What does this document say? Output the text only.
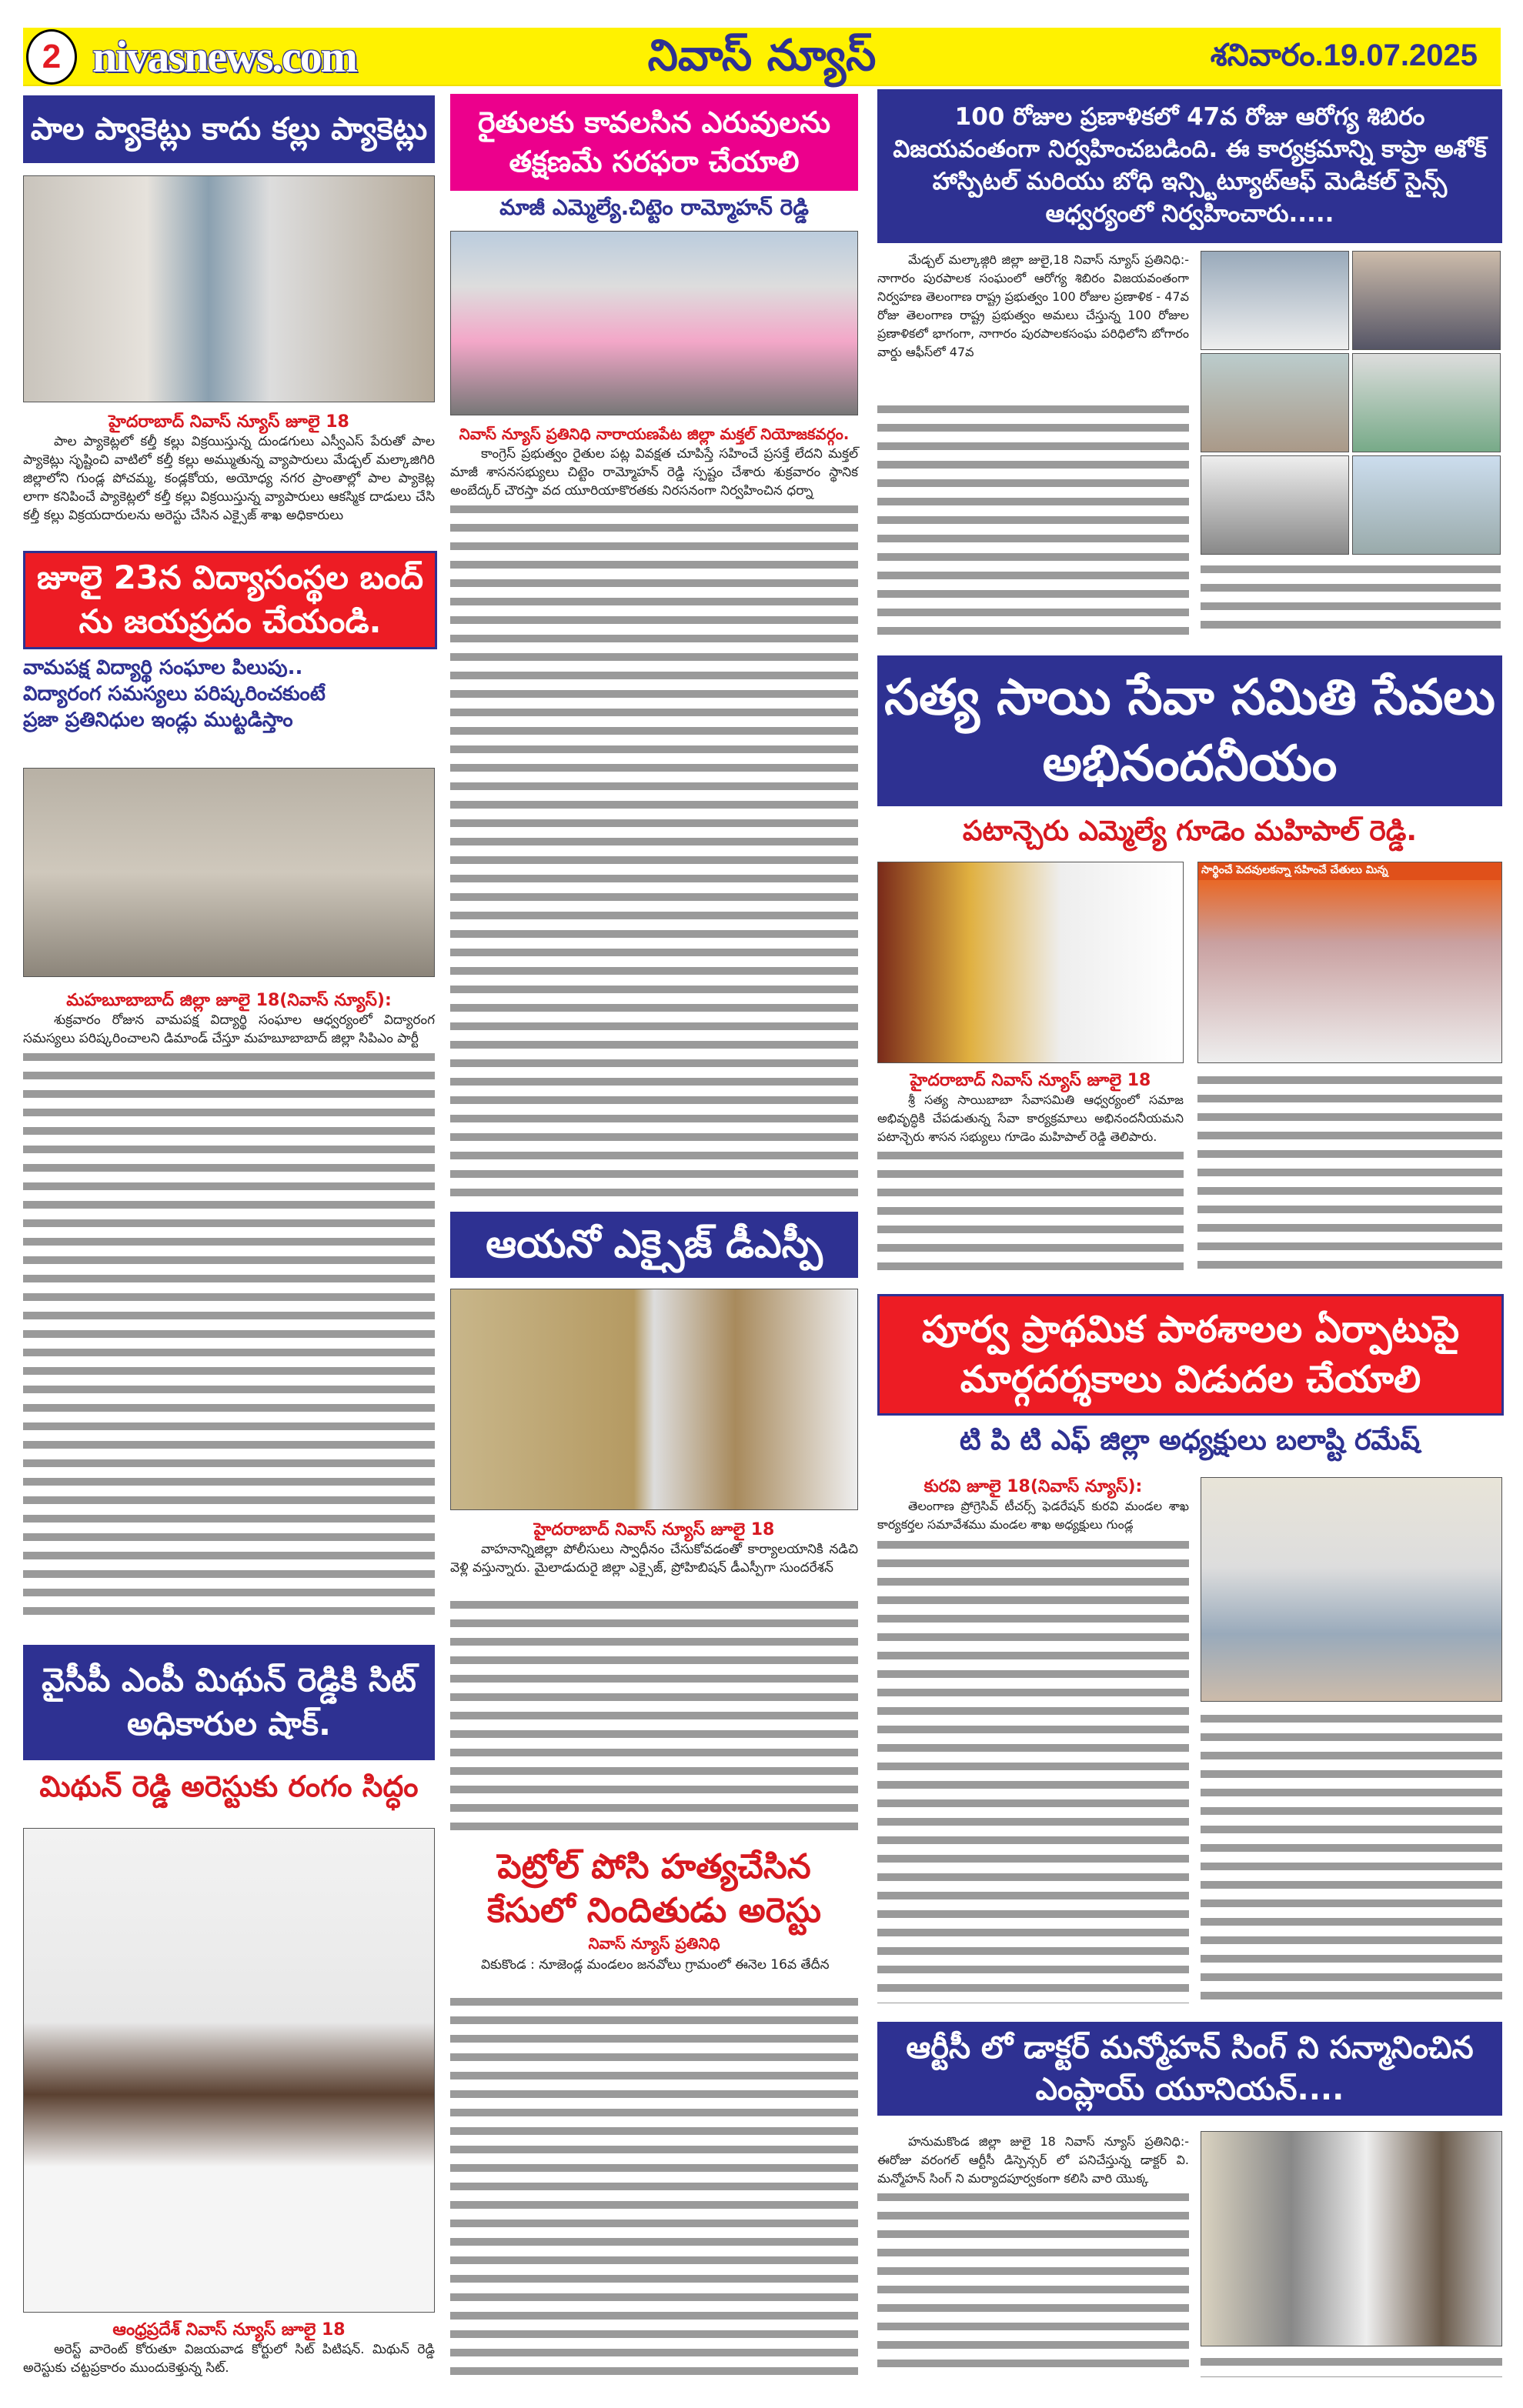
2 nivasnews.com	నివాస్ న్యూస్	శనివారం.19.07.2025
పాల ప్యాకెట్లు కాదు కల్లు ప్యాకెట్లు
హైదరాబాద్ నివాస్ న్యూస్ జూలై 18
పాల ప్యాకెట్లలో కల్తీ కల్లు విక్రయిస్తున్న దుండగులు ఎస్వీఎస్ పేరుతో పాల ప్యాకెట్లు సృష్టించి వాటిలో కల్తీ కల్లు అమ్ముతున్న వ్యాపారులు మేడ్చల్ మల్కాజిగిరి జిల్లాలోని గుండ్ల పోచమ్మ, కండ్లకోయ, అయోధ్య నగర ప్రాంతాల్లో పాల ప్యాకెట్ల లాగా కనిపించే ప్యాకెట్లలో కల్తీ కల్లు విక్రయిస్తున్న వ్యాపారులు ఆకస్మిక దాడులు చేసి కల్తీ కల్లు విక్రయదారులను అరెస్టు చేసిన ఎక్సైజ్ శాఖ అధికారులు
జూలై 23న విద్యాసంస్థల బంద్ ను జయప్రదం చేయండి.
వామపక్ష విద్యార్థి సంఘాల పిలుపు..
విద్యారంగ సమస్యలు పరిష్కరించకుంటే
ప్రజా ప్రతినిధుల ఇండ్లు ముట్టడిస్తాం
మహబూబాబాద్ జిల్లా జూలై 18(నివాస్ న్యూస్):
శుక్రవారం రోజున వామపక్ష విద్యార్థి సంఘాల ఆధ్వర్యంలో విద్యారంగ సమస్యలు పరిష్కరించాలని డిమాండ్ చేస్తూ మహబూబాబాద్ జిల్లా సిపిఎం పార్టీ
వైసీపీ ఎంపీ మిథున్ రెడ్డికి సిట్ అధికారుల షాక్.
మిథున్ రెడ్డి అరెస్టుకు రంగం సిద్ధం
ఆంధ్రప్రదేశ్ నివాస్ న్యూస్ జూలై 18
అరెస్ట్ వారెంట్ కోరుతూ విజయవాడ కోర్టులో సిట్ పిటిషన్. మిథున్ రెడ్డి అరెస్టుకు చట్టప్రకారం ముందుకెళ్తున్న సిట్.
రైతులకు కావలసిన ఎరువులను తక్షణమే సరఫరా చేయాలి
మాజీ ఎమ్మెల్యే.చిట్టెం రామ్మోహన్ రెడ్డి
నివాస్ న్యూస్ ప్రతినిధి నారాయణపేట జిల్లా మక్తల్ నియోజకవర్గం.
కాంగ్రెస్ ప్రభుత్వం రైతుల పట్ల వివక్షత చూపిస్తే సహించే ప్రసక్తే లేదని మక్తల్ మాజీ శాసనసభ్యులు చిట్టెం రామ్మోహన్ రెడ్డి స్పష్టం చేశారు శుక్రవారం స్థానిక అంబేద్కర్ చౌరస్తా వద యూరియాకొరతకు నిరసనంగా నిర్వహించిన ధర్నా
ఆయనో ఎక్సైజ్ డీఎస్పీ
హైదరాబాద్ నివాస్ న్యూస్ జూలై 18
వాహనాన్నిజిల్లా పోలీసులు స్వాధీనం చేసుకోవడంతో కార్యాలయానికి నడిచి వెళ్లి వస్తున్నారు. మైలాడుదురై జిల్లా ఎక్సైజ్, ప్రోహిబిషన్ డీఎస్పీగా సుందరేశన్
పెట్రోల్ పోసి హత్యచేసిన కేసులో నిందితుడు అరెస్టు
నివాస్ న్యూస్ ప్రతినిధి
వికుకొండ : నూజెండ్ల మండలం జనవోలు గ్రామంలో ఈనెల 16వ తేదీన
100 రోజుల ప్రణాళికలో 47వ రోజు ఆరోగ్య శిబిరం విజయవంతంగా నిర్వహించబడింది. ఈ కార్యక్రమాన్ని కాప్రా అశోక్ హాస్పిటల్ మరియు బోధి ఇన్స్టిట్యూట్ఆఫ్ మెడికల్ సైన్స్ ఆధ్వర్యంలో నిర్వహించారు.....
మేడ్చల్ మల్కాజ్గిరి జిల్లా జులై,18 నివాస్ న్యూస్ ప్రతినిధి:- నాగారం పురపాలక సంఘంలో ఆరోగ్య శిబిరం విజయవంతంగా నిర్వహణ తెలంగాణ రాష్ట్ర ప్రభుత్వం 100 రోజుల ప్రణాళిక - 47వ రోజు తెలంగాణ రాష్ట్ర ప్రభుత్వం అమలు చేస్తున్న 100 రోజుల ప్రణాళికలో భాగంగా, నాగారం పురపాలకసంఘ పరిధిలోని బోగారం వార్డు ఆఫీస్‌లో 47వ
సత్య సాయి సేవా సమితి సేవలు అభినందనీయం
పటాన్చెరు ఎమ్మెల్యే గూడెం మహిపాల్ రెడ్డి.
సార్థించే పెదవులకన్నా సహించే చేతులు మిన్న
హైదరాబాద్ నివాస్ న్యూస్ జూలై 18
శ్రీ సత్య సాయిబాబా సేవాసమితి ఆధ్వర్యంలో సమాజ అభివృద్ధికి చేపడుతున్న సేవా కార్యక్రమాలు అభినందనీయమని పటాన్చెరు శాసన సభ్యులు గూడెం మహిపాల్ రెడ్డి తెలిపారు.
పూర్వ ప్రాథమిక పాఠశాలల ఏర్పాటుపై మార్గదర్శకాలు విడుదల చేయాలి
టి పి టి ఎఫ్ జిల్లా అధ్యక్షులు బలాష్టి రమేష్
కురవి జూలై 18(నివాస్ న్యూస్):
తెలంగాణ ప్రోగ్రెసివ్ టీచర్స్ ఫెడరేషన్ కురవి మండల శాఖ కార్యకర్తల సమావేశము మండల శాఖ అధ్యక్షులు గుండ్ల
ఆర్టీసీ లో డాక్టర్ మన్మోహన్ సింగ్ ని సన్మానించిన ఎంప్లాయ్ యూనియన్....
హనుమకొండ జిల్లా జులై 18 నివాస్ న్యూస్ ప్రతినిధి:- ఈరోజు వరంగల్ ఆర్టీసీ డిస్పెన్సర్ లో పనిచేస్తున్న డాక్టర్ వి. మన్మోహన్ సింగ్ ని మర్యాదపూర్వకంగా కలిసి వారి యొక్క
